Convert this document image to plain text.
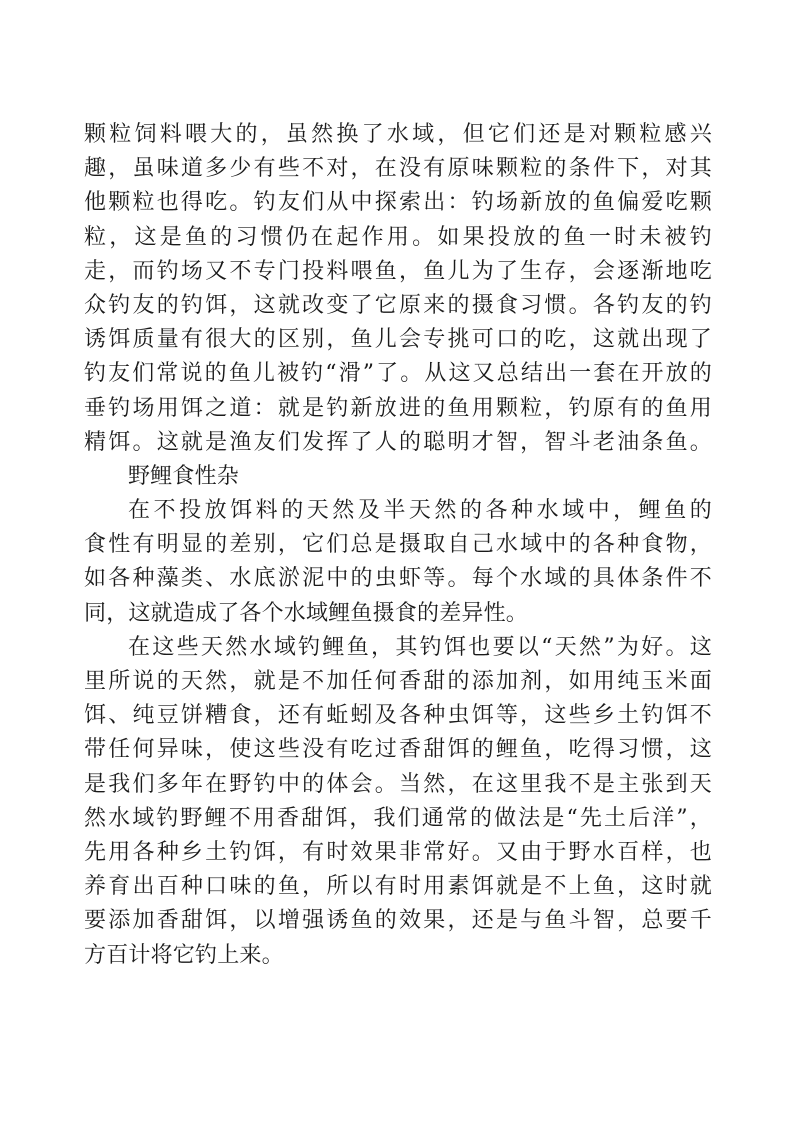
颗粒饲料喂大的，虽然换了水域，但它们还是对颗粒感兴
趣，虽味道多少有些不对，在没有原味颗粒的条件下，对其
他颗粒也得吃。钓友们从中探索出：钓场新放的鱼偏爱吃颗
粒，这是鱼的习惯仍在起作用。如果投放的鱼一时未被钓
走，而钓场又不专门投料喂鱼，鱼儿为了生存，会逐渐地吃
众钓友的钓饵，这就改变了它原来的摄食习惯。各钓友的钓
诱饵质量有很大的区别，鱼儿会专挑可口的吃，这就出现了
钓友们常说的鱼儿被钓“滑”了。从这又总结出一套在开放的
垂钓场用饵之道：就是钓新放进的鱼用颗粒，钓原有的鱼用
精饵。这就是渔友们发挥了人的聪明才智，智斗老油条鱼。
野鲤食性杂
在不投放饵料的天然及半天然的各种水域中，鲤鱼的
食性有明显的差别，它们总是摄取自己水域中的各种食物，
如各种藻类、水底淤泥中的虫虾等。每个水域的具体条件不
同，这就造成了各个水域鲤鱼摄食的差异性。
在这些天然水域钓鲤鱼，其钓饵也要以“天然”为好。这
里所说的天然，就是不加任何香甜的添加剂，如用纯玉米面
饵、纯豆饼糟食，还有蚯蚓及各种虫饵等，这些乡土钓饵不
带任何异味，使这些没有吃过香甜饵的鲤鱼，吃得习惯，这
是我们多年在野钓中的体会。当然，在这里我不是主张到天
然水域钓野鲤不用香甜饵，我们通常的做法是“先土后洋”，
先用各种乡土钓饵，有时效果非常好。又由于野水百样，也
养育出百种口味的鱼，所以有时用素饵就是不上鱼，这时就
要添加香甜饵，以增强诱鱼的效果，还是与鱼斗智，总要千
方百计将它钓上来。
